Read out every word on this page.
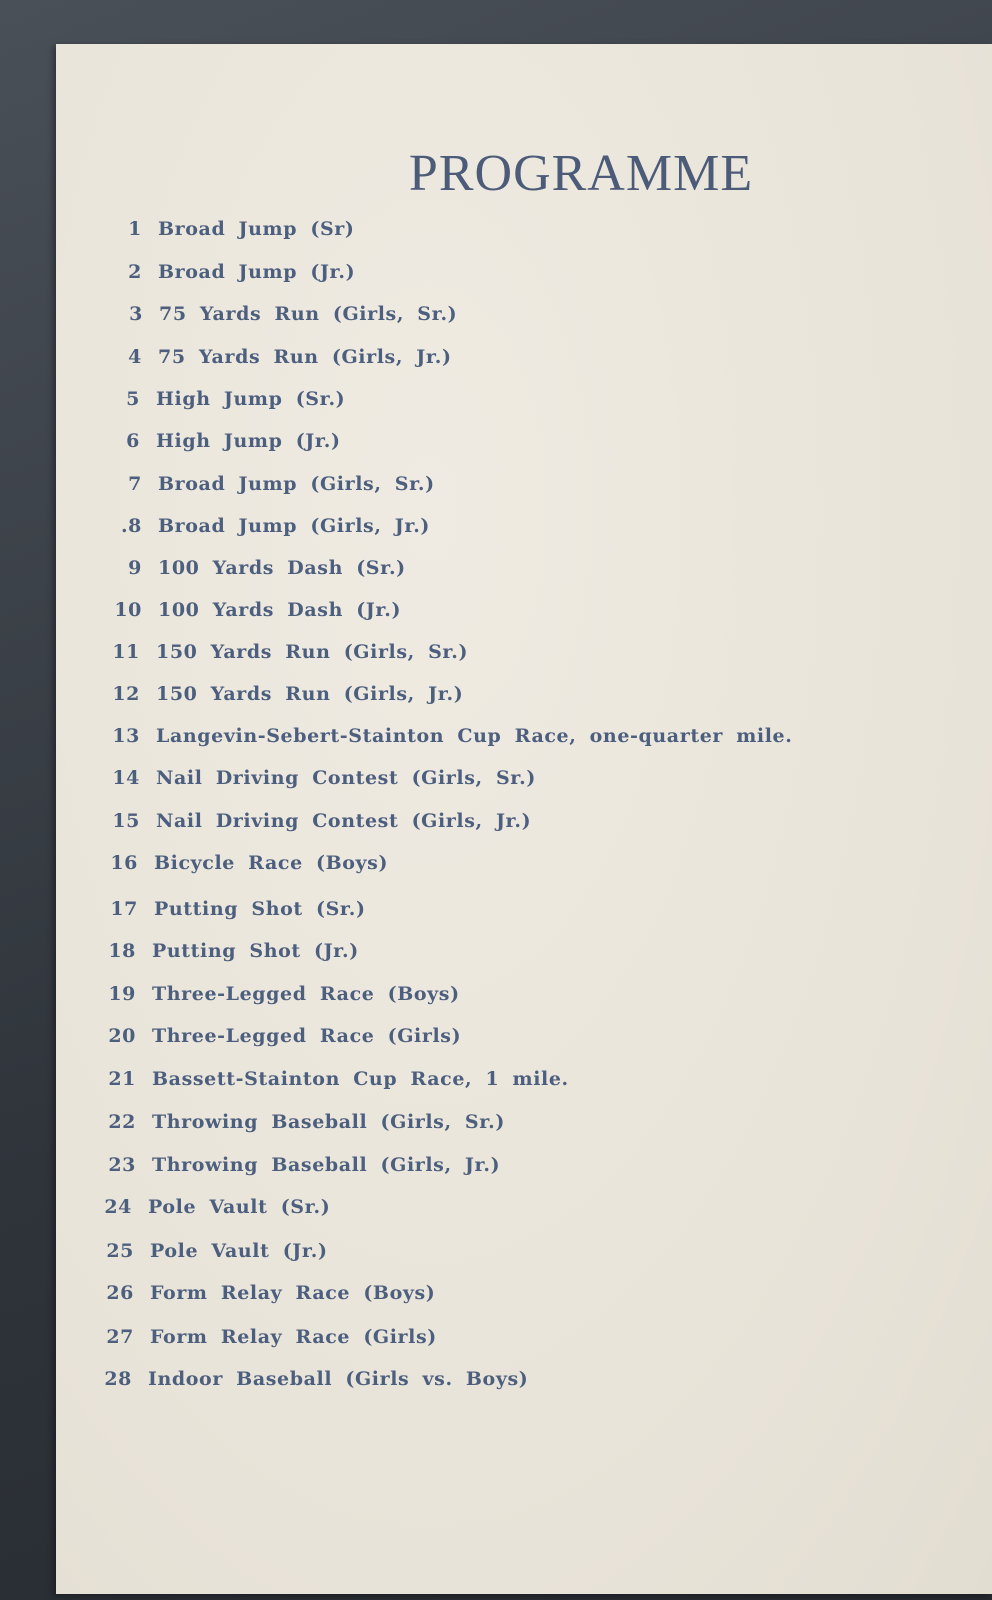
PROGRAMME
1 Broad Jump (Sr)
2 Broad Jump (Jr.)
3 75 Yards Run (Girls, Sr.)
4 75 Yards Run (Girls, Jr.)
5 High Jump (Sr.)
6 High Jump (Jr.)
7 Broad Jump (Girls, Sr.)
.8 Broad Jump (Girls, Jr.)
9 100 Yards Dash (Sr.)
10 100 Yards Dash (Jr.)
11 150 Yards Run (Girls, Sr.)
12 150 Yards Run (Girls, Jr.)
13 Langevin-Sebert-Stainton Cup Race, one-quarter mile.
14 Nail Driving Contest (Girls, Sr.)
15 Nail Driving Contest (Girls, Jr.)
16 Bicycle Race (Boys)
17 Putting Shot (Sr.)
18 Putting Shot (Jr.)
19 Three-Legged Race (Boys)
20 Three-Legged Race (Girls)
21 Bassett-Stainton Cup Race, 1 mile.
22 Throwing Baseball (Girls, Sr.)
23 Throwing Baseball (Girls, Jr.)
24 Pole Vault (Sr.)
25 Pole Vault (Jr.)
26 Form Relay Race (Boys)
27 Form Relay Race (Girls)
28 Indoor Baseball (Girls vs. Boys)
